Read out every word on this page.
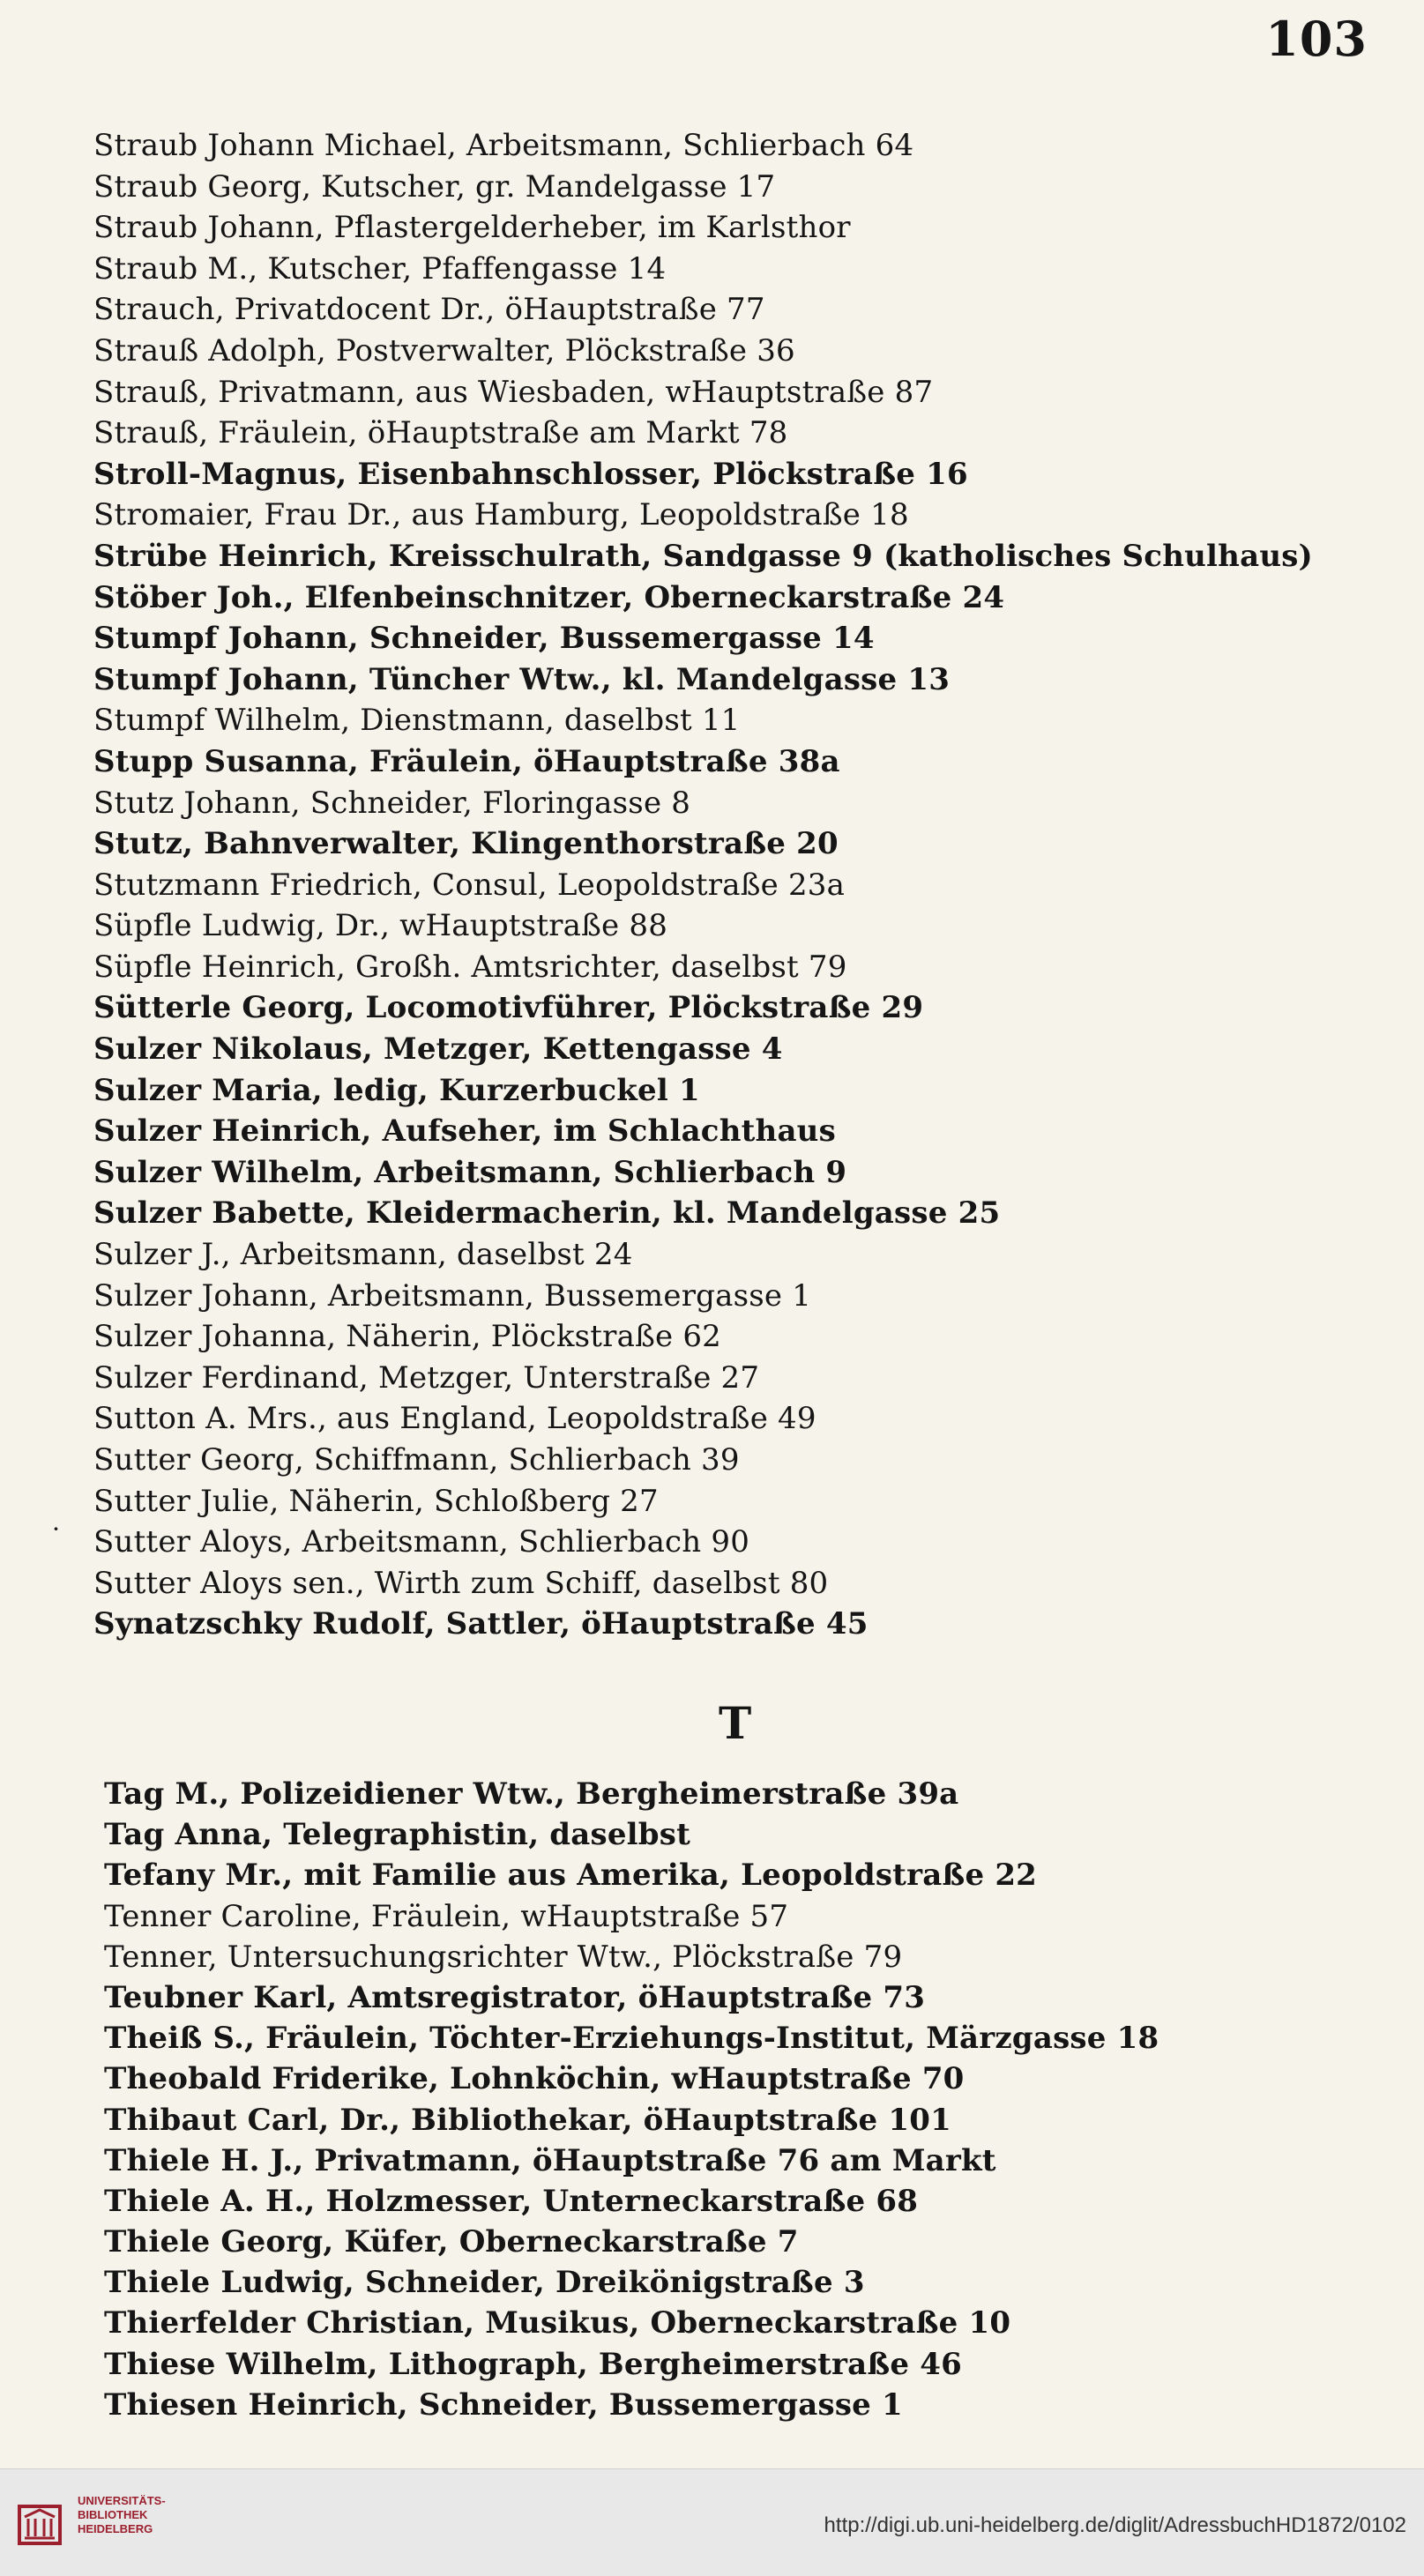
103
Straub Johann Michael, Arbeitsmann, Schlierbach 64
Straub Georg, Kutscher, gr. Mandelgasse 17
Straub Johann, Pflastergelderheber, im Karlsthor
Straub M., Kutscher, Pfaffengasse 14
Strauch, Privatdocent Dr., öHauptstraße 77
Strauß Adolph, Postverwalter, Plöckstraße 36
Strauß, Privatmann, aus Wiesbaden, wHauptstraße 87
Strauß, Fräulein, öHauptstraße am Markt 78
Stroll-Magnus, Eisenbahnschlosser, Plöckstraße 16
Stromaier, Frau Dr., aus Hamburg, Leopoldstraße 18
Strübe Heinrich, Kreisschulrath, Sandgasse 9 (katholisches Schulhaus)
Stöber Joh., Elfenbeinschnitzer, Oberneckarstraße 24
Stumpf Johann, Schneider, Bussemergasse 14
Stumpf Johann, Tüncher Wtw., kl. Mandelgasse 13
Stumpf Wilhelm, Dienstmann, daselbst 11
Stupp Susanna, Fräulein, öHauptstraße 38a
Stutz Johann, Schneider, Floringasse 8
Stutz, Bahnverwalter, Klingenthorstraße 20
Stutzmann Friedrich, Consul, Leopoldstraße 23a
Süpfle Ludwig, Dr., wHauptstraße 88
Süpfle Heinrich, Großh. Amtsrichter, daselbst 79
Sütterle Georg, Locomotivführer, Plöckstraße 29
Sulzer Nikolaus, Metzger, Kettengasse 4
Sulzer Maria, ledig, Kurzerbuckel 1
Sulzer Heinrich, Aufseher, im Schlachthaus
Sulzer Wilhelm, Arbeitsmann, Schlierbach 9
Sulzer Babette, Kleidermacherin, kl. Mandelgasse 25
Sulzer J., Arbeitsmann, daselbst 24
Sulzer Johann, Arbeitsmann, Bussemergasse 1
Sulzer Johanna, Näherin, Plöckstraße 62
Sulzer Ferdinand, Metzger, Unterstraße 27
Sutton A. Mrs., aus England, Leopoldstraße 49
Sutter Georg, Schiffmann, Schlierbach 39
Sutter Julie, Näherin, Schloßberg 27
Sutter Aloys, Arbeitsmann, Schlierbach 90
Sutter Aloys sen., Wirth zum Schiff, daselbst 80
Synatzschky Rudolf, Sattler, öHauptstraße 45
·
T
Tag M., Polizeidiener Wtw., Bergheimerstraße 39a
Tag Anna, Telegraphistin, daselbst
Tefany Mr., mit Familie aus Amerika, Leopoldstraße 22
Tenner Caroline, Fräulein, wHauptstraße 57
Tenner, Untersuchungsrichter Wtw., Plöckstraße 79
Teubner Karl, Amtsregistrator, öHauptstraße 73
Theiß S., Fräulein, Töchter-Erziehungs-Institut, Märzgasse 18
Theobald Friderike, Lohnköchin, wHauptstraße 70
Thibaut Carl, Dr., Bibliothekar, öHauptstraße 101
Thiele H. J., Privatmann, öHauptstraße 76 am Markt
Thiele A. H., Holzmesser, Unterneckarstraße 68
Thiele Georg, Küfer, Oberneckarstraße 7
Thiele Ludwig, Schneider, Dreikönigstraße 3
Thierfelder Christian, Musikus, Oberneckarstraße 10
Thiese Wilhelm, Lithograph, Bergheimerstraße 46
Thiesen Heinrich, Schneider, Bussemergasse 1
UNIVERSITÄTS-
BIBLIOTHEK
HEIDELBERG	http://digi.ub.uni-heidelberg.de/diglit/AdressbuchHD1872/0102
